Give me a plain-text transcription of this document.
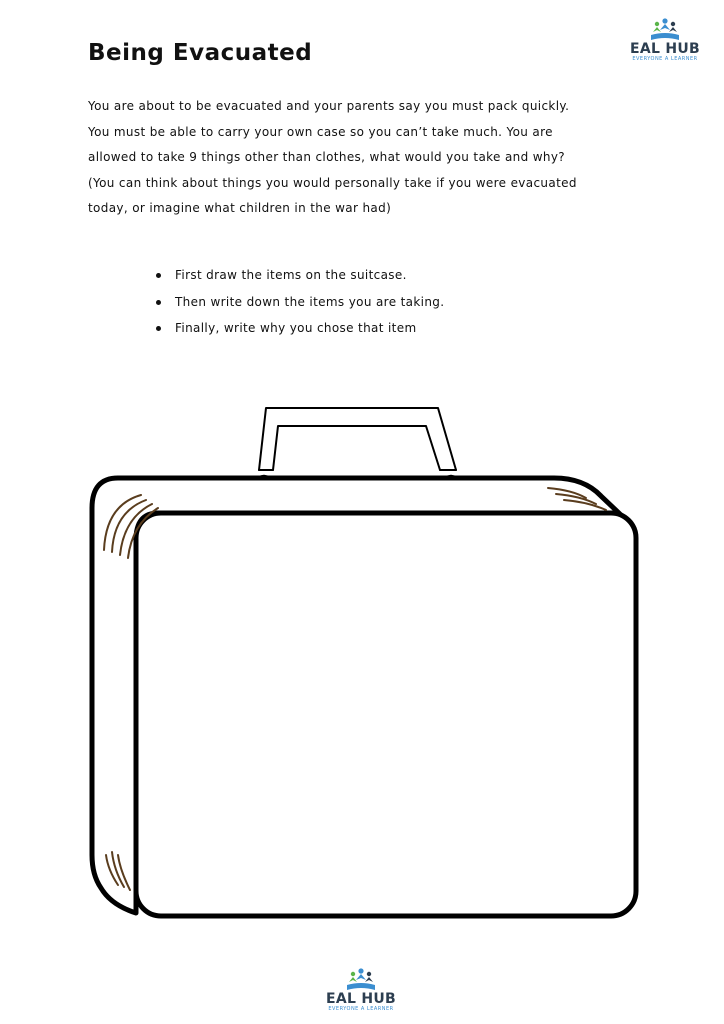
EAL HUB
EVERYONE A LEARNER
Being Evacuated

You are about to be evacuated and your parents say you must pack quickly.
You must be able to carry your own case so you can’t take much. You are
allowed to take 9 things other than clothes, what would you take and why?
(You can think about things you would personally take if you were evacuated
today, or imagine what children in the war had)

First draw the items on the suitcase.
Then write down the items you are taking.
Finally, write why you chose that item
EAL HUB
EVERYONE A LEARNER
